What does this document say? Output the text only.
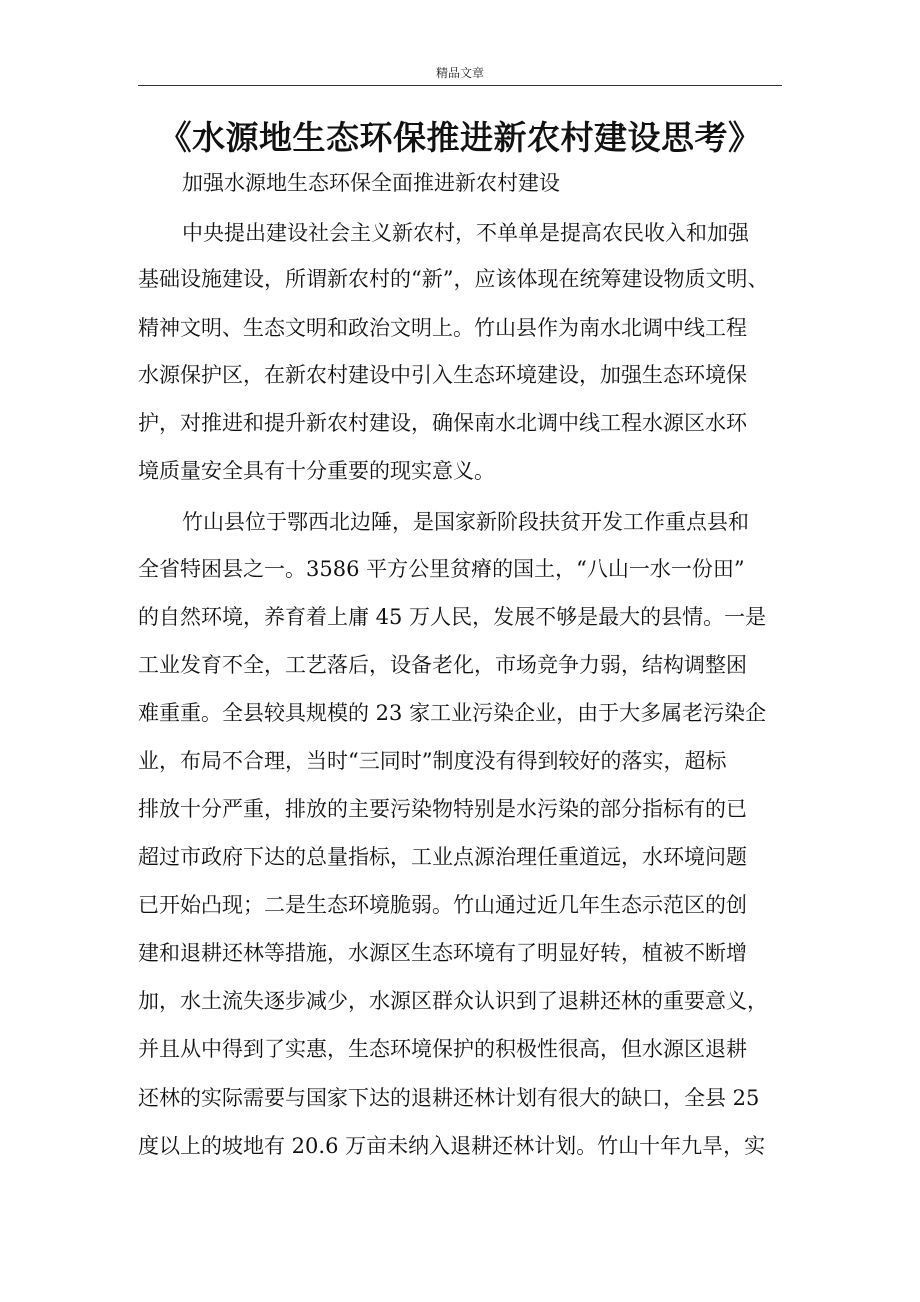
精品文章
《水源地生态环保推进新农村建设思考》
加强水源地生态环保全面推进新农村建设
中央提出建设社会主义新农村，不单单是提高农民收入和加强
基础设施建设，所谓新农村的“新”，应该体现在统筹建设物质文明、
精神文明、生态文明和政治文明上。竹山县作为南水北调中线工程
水源保护区，在新农村建设中引入生态环境建设，加强生态环境保
护，对推进和提升新农村建设，确保南水北调中线工程水源区水环
境质量安全具有十分重要的现实意义。
竹山县位于鄂西北边陲，是国家新阶段扶贫开发工作重点县和
全省特困县之一。3586 平方公里贫瘠的国土，“八山一水一份田”
的自然环境，养育着上庸 45 万人民，发展不够是最大的县情。一是
工业发育不全，工艺落后，设备老化，市场竞争力弱，结构调整困
难重重。全县较具规模的 23 家工业污染企业，由于大多属老污染企
业，布局不合理，当时“三同时”制度没有得到较好的落实，超标
排放十分严重，排放的主要污染物特别是水污染的部分指标有的已
超过市政府下达的总量指标，工业点源治理任重道远，水环境问题
已开始凸现；二是生态环境脆弱。竹山通过近几年生态示范区的创
建和退耕还林等措施，水源区生态环境有了明显好转，植被不断增
加，水土流失逐步减少，水源区群众认识到了退耕还林的重要意义，
并且从中得到了实惠，生态环境保护的积极性很高，但水源区退耕
还林的实际需要与国家下达的退耕还林计划有很大的缺口，全县 25
度以上的坡地有 20.6 万亩未纳入退耕还林计划。竹山十年九旱，实
